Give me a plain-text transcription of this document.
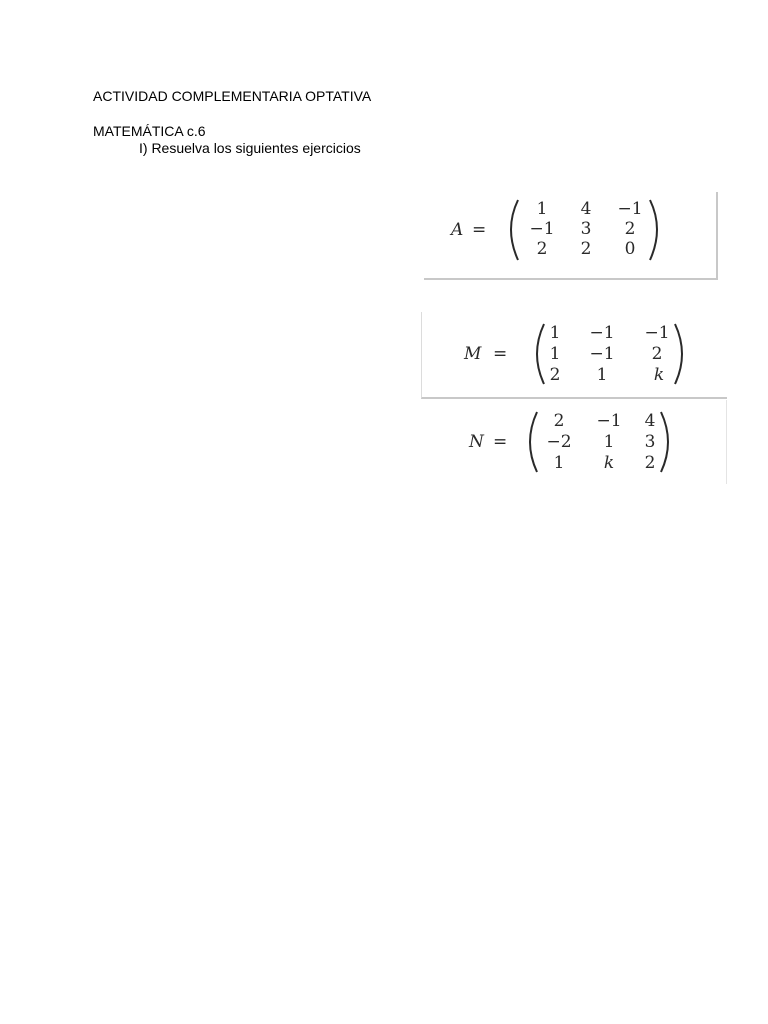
ACTIVIDAD COMPLEMENTARIA OPTATIVA
MATEMÁTICA c.6
I) Resuelva los siguientes ejercicios
A =
1 4 −1
−1 3 2
2 2 0
M =
1 −1 −1
1 −1 2
2 1	k
N =
2 −1 4
−2 1 3
1 k 2
